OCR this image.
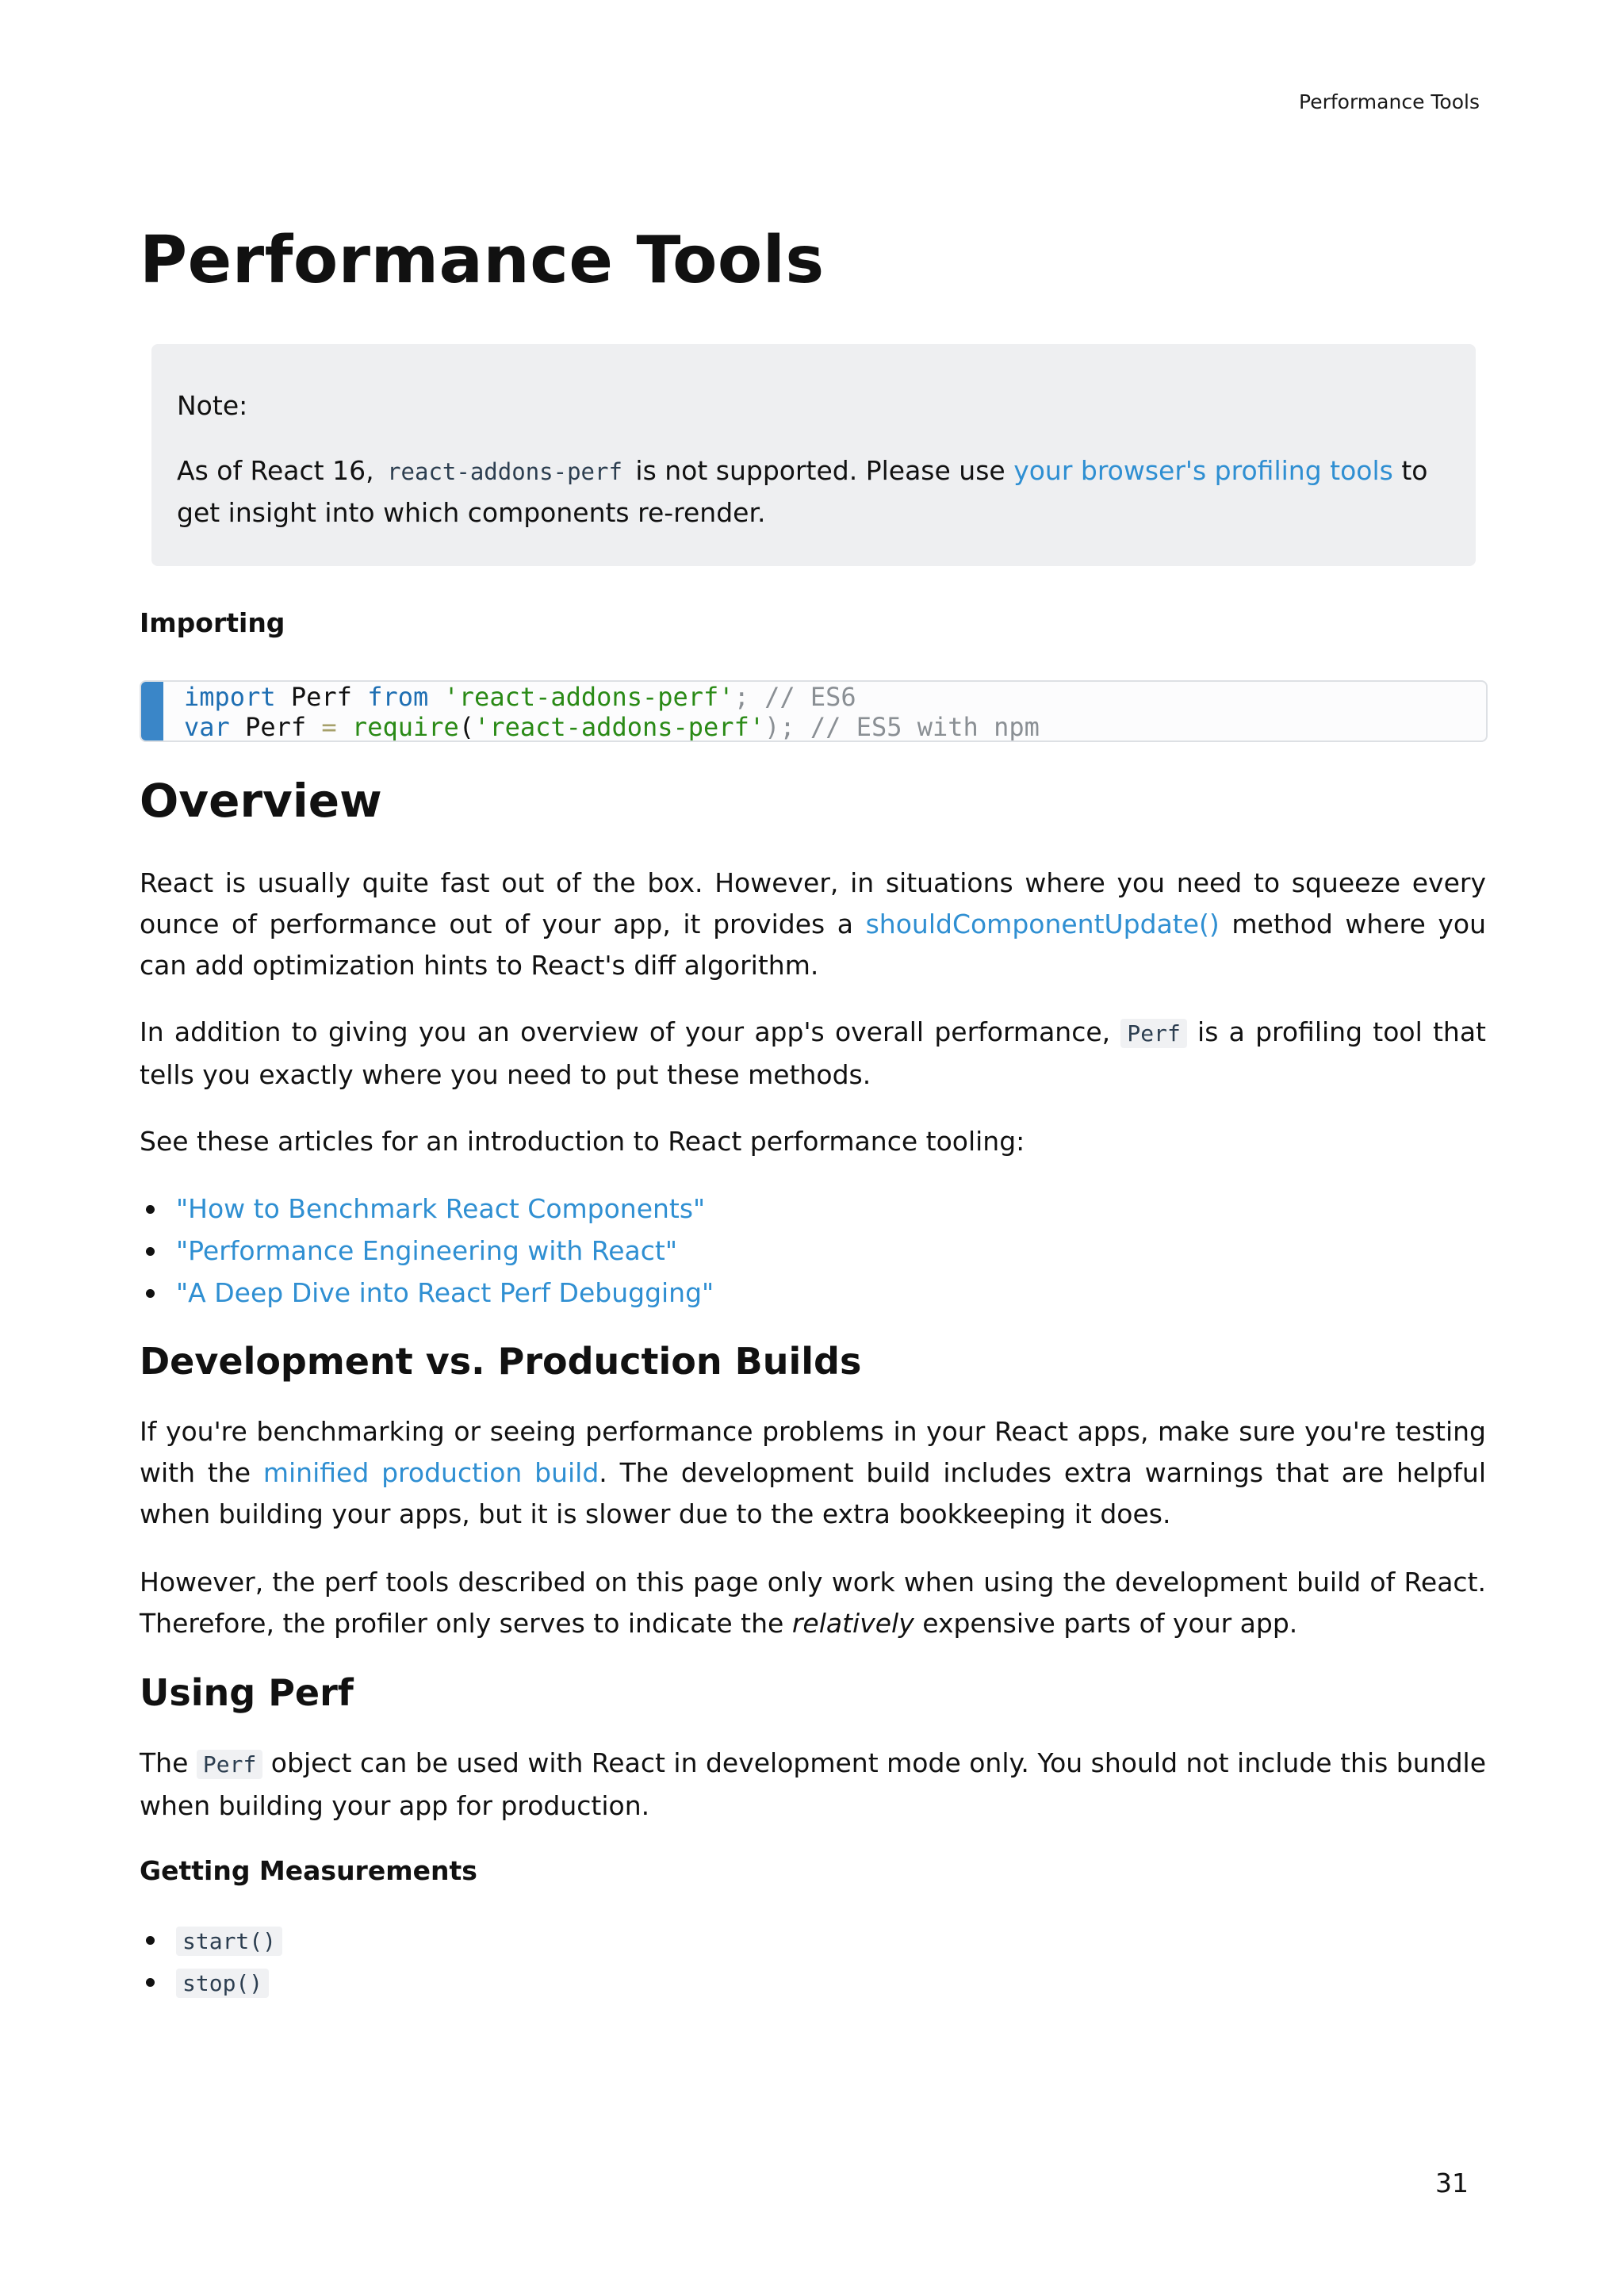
Performance Tools
Performance Tools

Note:

As of React 16, react-addons-perf is not supported. Please use your browser's profiling tools to get insight into which components re-render.

Importing
import Perf from 'react-addons-perf'; // ES6
var Perf = require('react-addons-perf'); // ES5 with npm
Overview

React is usually quite fast out of the box. However, in situations where you need to squeeze every ounce of performance out of your app, it provides a shouldComponentUpdate() method where you can add optimization hints to React's diff algorithm.

In addition to giving you an overview of your app's overall performance, Perf is a profiling tool that tells you exactly where you need to put these methods.

See these articles for an introduction to React performance tooling:

"How to Benchmark React Components"
"Performance Engineering with React"
"A Deep Dive into React Perf Debugging"
Development vs. Production Builds

If you're benchmarking or seeing performance problems in your React apps, make sure you're testing with the minified production build. The development build includes extra warnings that are helpful when building your apps, but it is slower due to the extra bookkeeping it does.

However, the perf tools described on this page only work when using the development build of React. Therefore, the profiler only serves to indicate the relatively expensive parts of your app.

Using Perf

The Perf object can be used with React in development mode only. You should not include this bundle when building your app for production.

Getting Measurements
start()
stop()
31
